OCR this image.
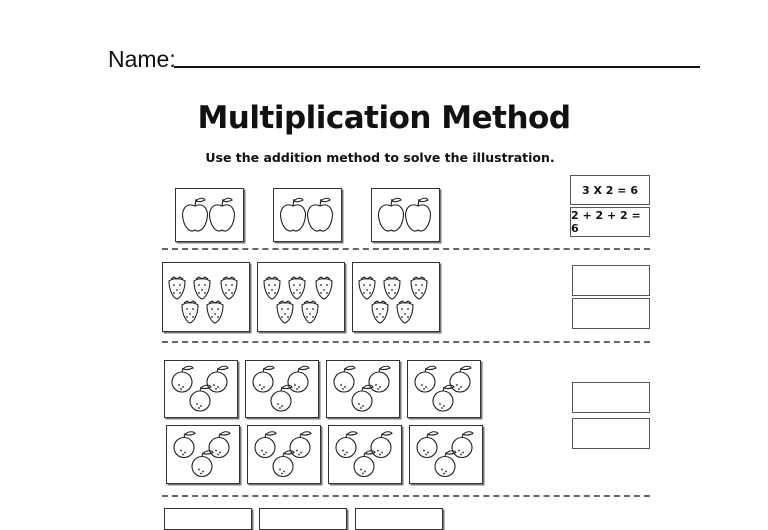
Name:
Multiplication Method
Use the addition method to solve the illustration.
3 X 2 = 6
2 + 2 + 2 = 6
